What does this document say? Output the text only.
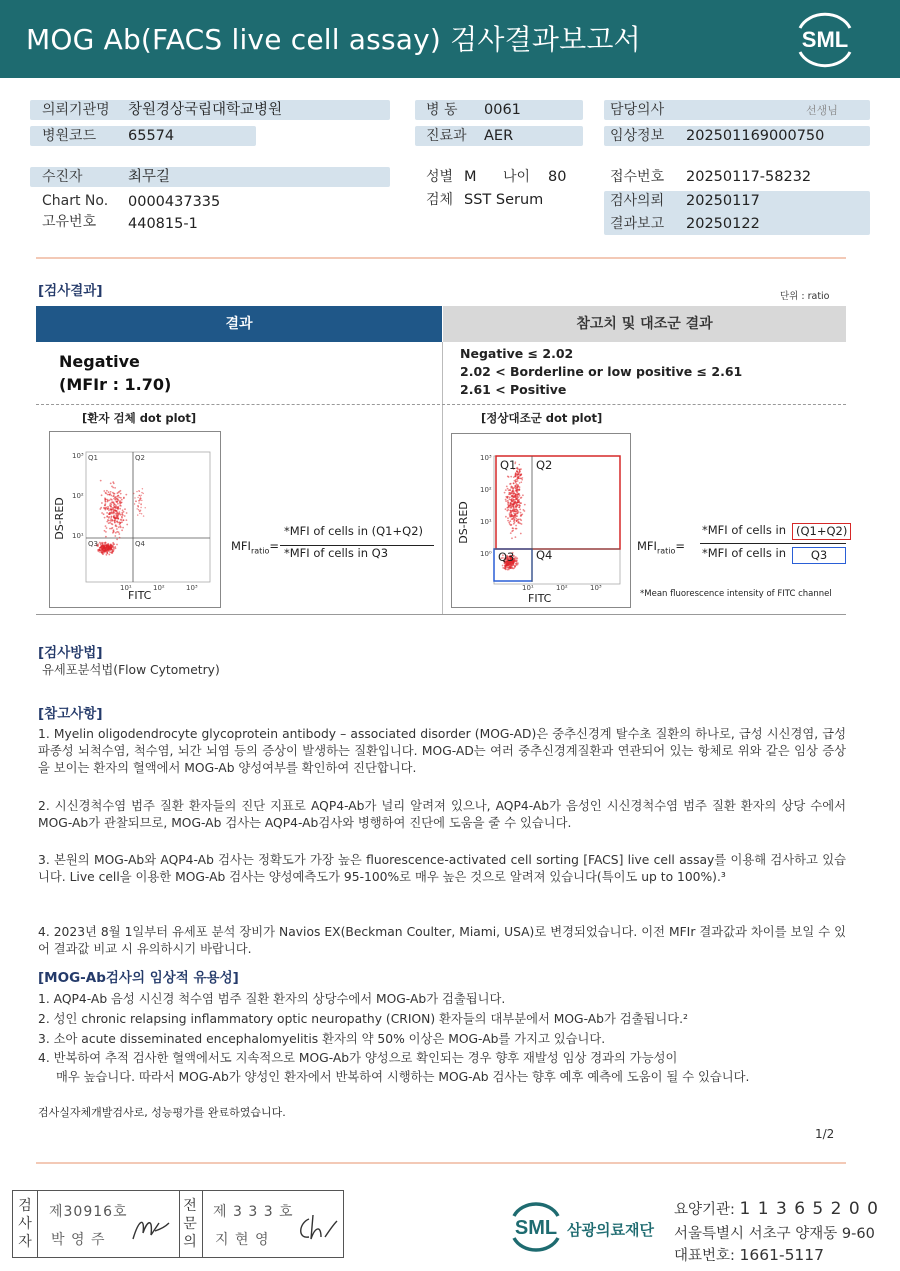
MOG Ab(FACS live cell assay) 검사결과보고서	SML
의뢰기관명 창원경상국립대학교병원	병 동 0061	담당의사	선생님
병원코드 65574	진료과 AER	임상정보 202501169000750
수진자	최무길	성별 M 나이 80	접수번호 20250117-58232
Chart No. 0000437335	검체 SST Serum	검사의뢰 20250117
고유번호 440815-1	결과보고 20250122
[검사결과]	단위 : ratio
결과	참고치 및 대조군 결과
Negative
(MFIr : 1.70)
Negative ≤ 2.02
2.02 < Borderline or low positive ≤ 2.61
2.61 < Positive
[환자 검체 dot plot]	[정상대조군 dot plot]
Q1	Q2
Q3	Q4
10³
10²
10¹
10¹	10²	10³
FITC
DS-RED
$MFI_{ratio}=$
*MFI of cells in (Q1+Q2)
*MFI of cells in Q3
Q1 Q2
Q3 Q4
10³
10²
10¹
10⁰
10¹	10²	10³
FITC
DS-RED
$MFI_{ratio}=$
*MFI of cells in (Q1+Q2)
*MFI of cells in	Q3
*Mean fluorescence intensity of FITC channel
[검사방법]
유세포분석법(Flow Cytometry)
[참고사항]
1. Myelin oligodendrocyte glycoprotein antibody – associated disorder (MOG-AD)은 중추신경계 탈수초 질환의 하나로, 급성 시신경염, 급성파종성 뇌척수염, 척수염, 뇌간 뇌염 등의 증상이 발생하는 질환입니다. MOG-AD는 여러 중추신경계질환과 연관되어 있는 항체로 위와 같은 임상 증상을 보이는 환자의 혈액에서 MOG-Ab 양성여부를 확인하여 진단합니다.
2. 시신경척수염 범주 질환 환자들의 진단 지표로 AQP4-Ab가 널리 알려져 있으나, AQP4-Ab가 음성인 시신경척수염 범주 질환 환자의 상당 수에서 MOG-Ab가 관찰되므로, MOG-Ab 검사는 AQP4-Ab검사와 병행하여 진단에 도움을 줄 수 있습니다.
3. 본원의 MOG-Ab와 AQP4-Ab 검사는 정확도가 가장 높은 fluorescence-activated cell sorting [FACS] live cell assay를 이용해 검사하고 있습니다. Live cell을 이용한 MOG-Ab 검사는 양성예측도가 95-100%로 매우 높은 것으로 알려져 있습니다(특이도 up to 100%).³
4. 2023년 8월 1일부터 유세포 분석 장비가 Navios EX(Beckman Coulter, Miami, USA)로 변경되었습니다. 이전 MFIr 결과값과 차이를 보일 수 있어 결과값 비교 시 유의하시기 바랍니다.
[MOG-Ab검사의 임상적 유용성]
1. AQP4-Ab 음성 시신경 척수염 범주 질환 환자의 상당수에서 MOG-Ab가 검출됩니다.
2. 성인 chronic relapsing inflammatory optic neuropathy (CRION) 환자들의 대부분에서 MOG-Ab가 검출됩니다.²
3. 소아 acute disseminated encephalomyelitis 환자의 약 50% 이상은 MOG-Ab를 가지고 있습니다.
4. 반복하여 추적 검사한 혈액에서도 지속적으로 MOG-Ab가 양성으로 확인되는 경우 향후 재발성 임상 경과의 가능성이
매우 높습니다. 따라서 MOG-Ab가 양성인 환자에서 반복하여 시행하는 MOG-Ab 검사는 향후 예후 예측에 도움이 될 수 있습니다.
검사실자체개발검사로, 성능평가를 완료하였습니다.
1/2
검
사
자
제30916호
박 영 주
전
문
의
제 3 3 3 호
지 현 영
SML 삼광의료재단
요양기관: 1 1 3 6 5 2 0 0
서울특별시 서초구 양재동 9-60
대표번호: 1661-5117
